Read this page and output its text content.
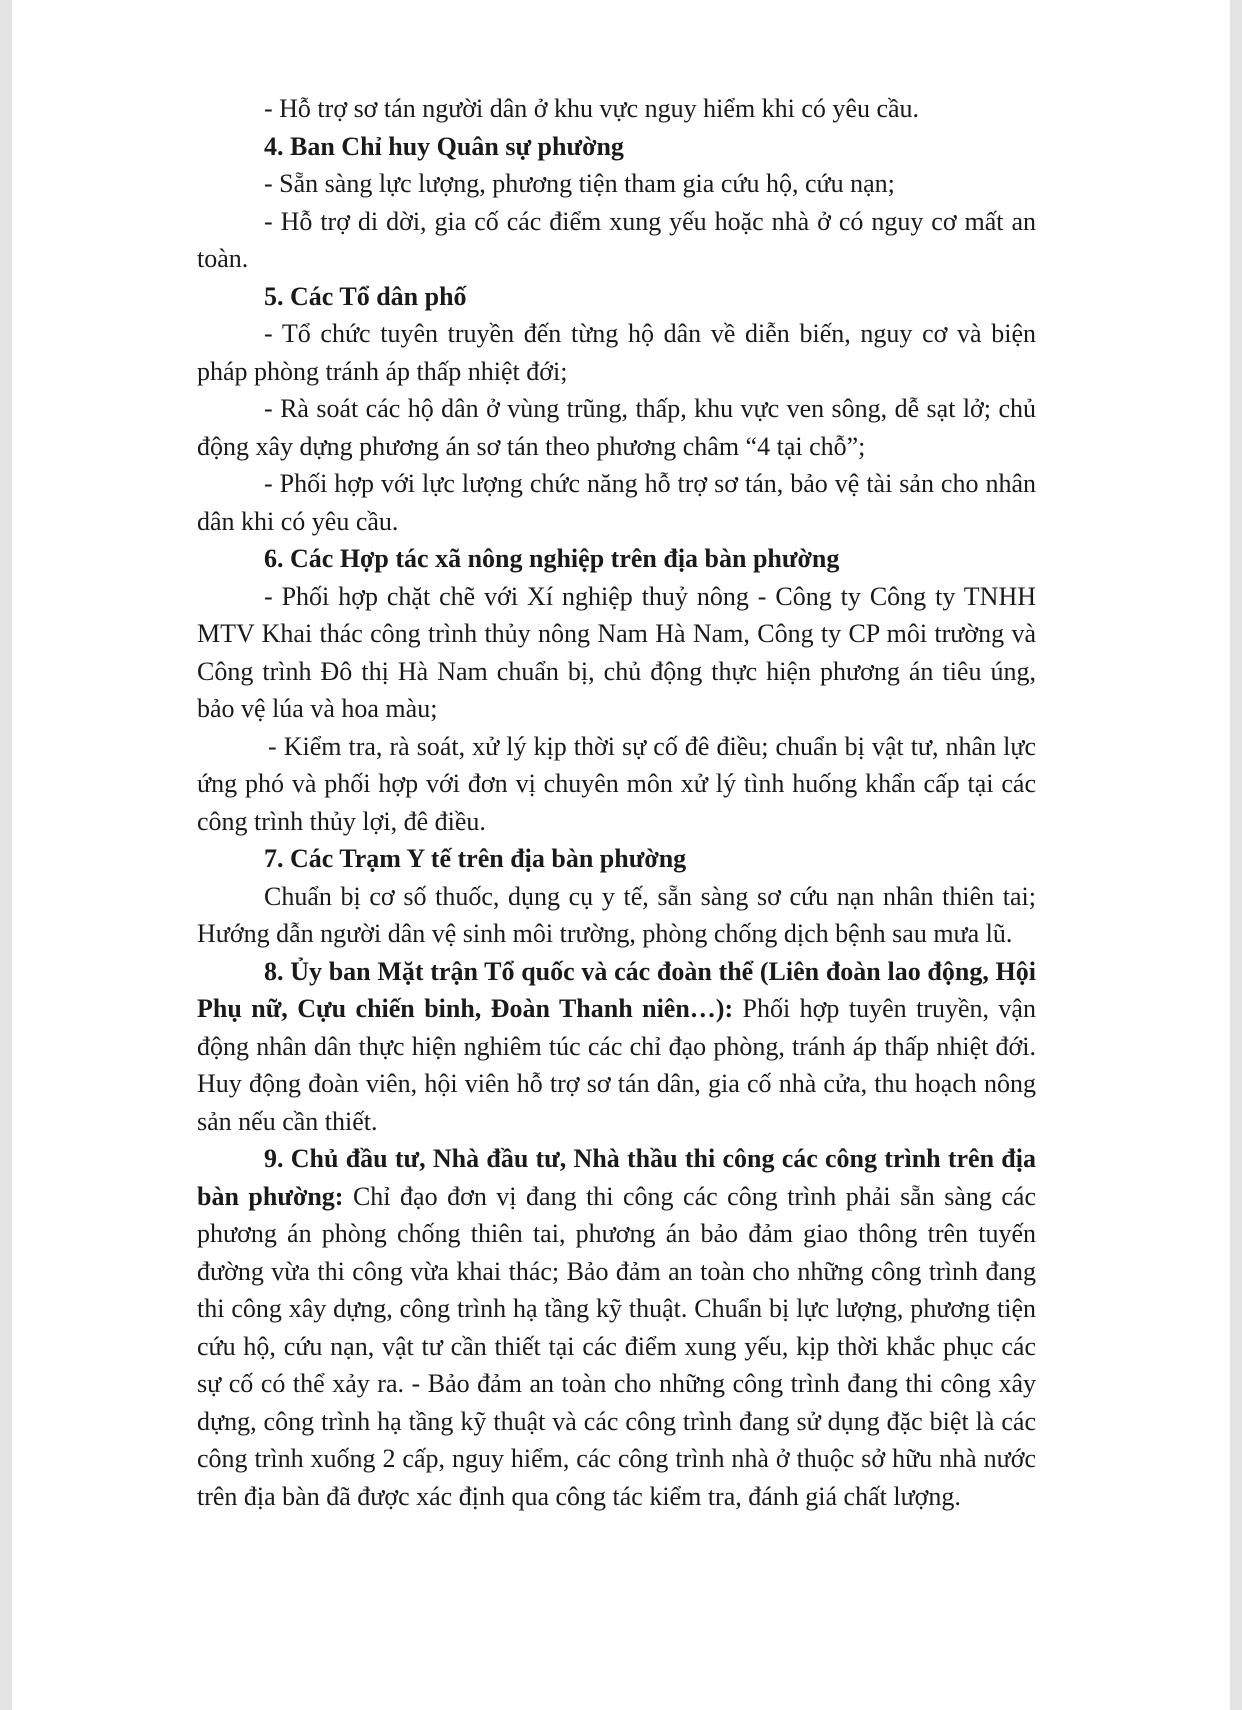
- Hỗ trợ sơ tán người dân ở khu vực nguy hiểm khi có yêu cầu.

4. Ban Chỉ huy Quân sự phường

- Sẵn sàng lực lượng, phương tiện tham gia cứu hộ, cứu nạn;

- Hỗ trợ di dời, gia cố các điểm xung yếu hoặc nhà ở có nguy cơ mất an toàn.

5. Các Tổ dân phố

- Tổ chức tuyên truyền đến từng hộ dân về diễn biến, nguy cơ và biện pháp phòng tránh áp thấp nhiệt đới;

- Rà soát các hộ dân ở vùng trũng, thấp, khu vực ven sông, dễ sạt lở; chủ động xây dựng phương án sơ tán theo phương châm “4 tại chỗ”;

- Phối hợp với lực lượng chức năng hỗ trợ sơ tán, bảo vệ tài sản cho nhân dân khi có yêu cầu.

6. Các Hợp tác xã nông nghiệp trên địa bàn phường

- Phối hợp chặt chẽ với Xí nghiệp thuỷ nông - Công ty Công ty TNHH MTV Khai thác công trình thủy nông Nam Hà Nam, Công ty CP môi trường và Công trình Đô thị Hà Nam chuẩn bị, chủ động thực hiện phương án tiêu úng, bảo vệ lúa và hoa màu;

- Kiểm tra, rà soát, xử lý kịp thời sự cố đê điều; chuẩn bị vật tư, nhân lực ứng phó và phối hợp với đơn vị chuyên môn xử lý tình huống khẩn cấp tại các công trình thủy lợi, đê điều.

7. Các Trạm Y tế trên địa bàn phường

Chuẩn bị cơ số thuốc, dụng cụ y tế, sẵn sàng sơ cứu nạn nhân thiên tai; Hướng dẫn người dân vệ sinh môi trường, phòng chống dịch bệnh sau mưa lũ.

8. Ủy ban Mặt trận Tổ quốc và các đoàn thể (Liên đoàn lao động, Hội Phụ nữ, Cựu chiến binh, Đoàn Thanh niên…): Phối hợp tuyên truyền, vận động nhân dân thực hiện nghiêm túc các chỉ đạo phòng, tránh áp thấp nhiệt đới. Huy động đoàn viên, hội viên hỗ trợ sơ tán dân, gia cố nhà cửa, thu hoạch nông sản nếu cần thiết.

9. Chủ đầu tư, Nhà đầu tư, Nhà thầu thi công các công trình trên địa bàn phường: Chỉ đạo đơn vị đang thi công các công trình phải sẵn sàng các phương án phòng chống thiên tai, phương án bảo đảm giao thông trên tuyến đường vừa thi công vừa khai thác; Bảo đảm an toàn cho những công trình đang thi công xây dựng, công trình hạ tầng kỹ thuật. Chuẩn bị lực lượng, phương tiện cứu hộ, cứu nạn, vật tư cần thiết tại các điểm xung yếu, kịp thời khắc phục các sự cố có thể xảy ra. - Bảo đảm an toàn cho những công trình đang thi công xây dựng, công trình hạ tầng kỹ thuật và các công trình đang sử dụng đặc biệt là các công trình xuống 2 cấp, nguy hiểm, các công trình nhà ở thuộc sở hữu nhà nước trên địa bàn đã được xác định qua công tác kiểm tra, đánh giá chất lượng.
